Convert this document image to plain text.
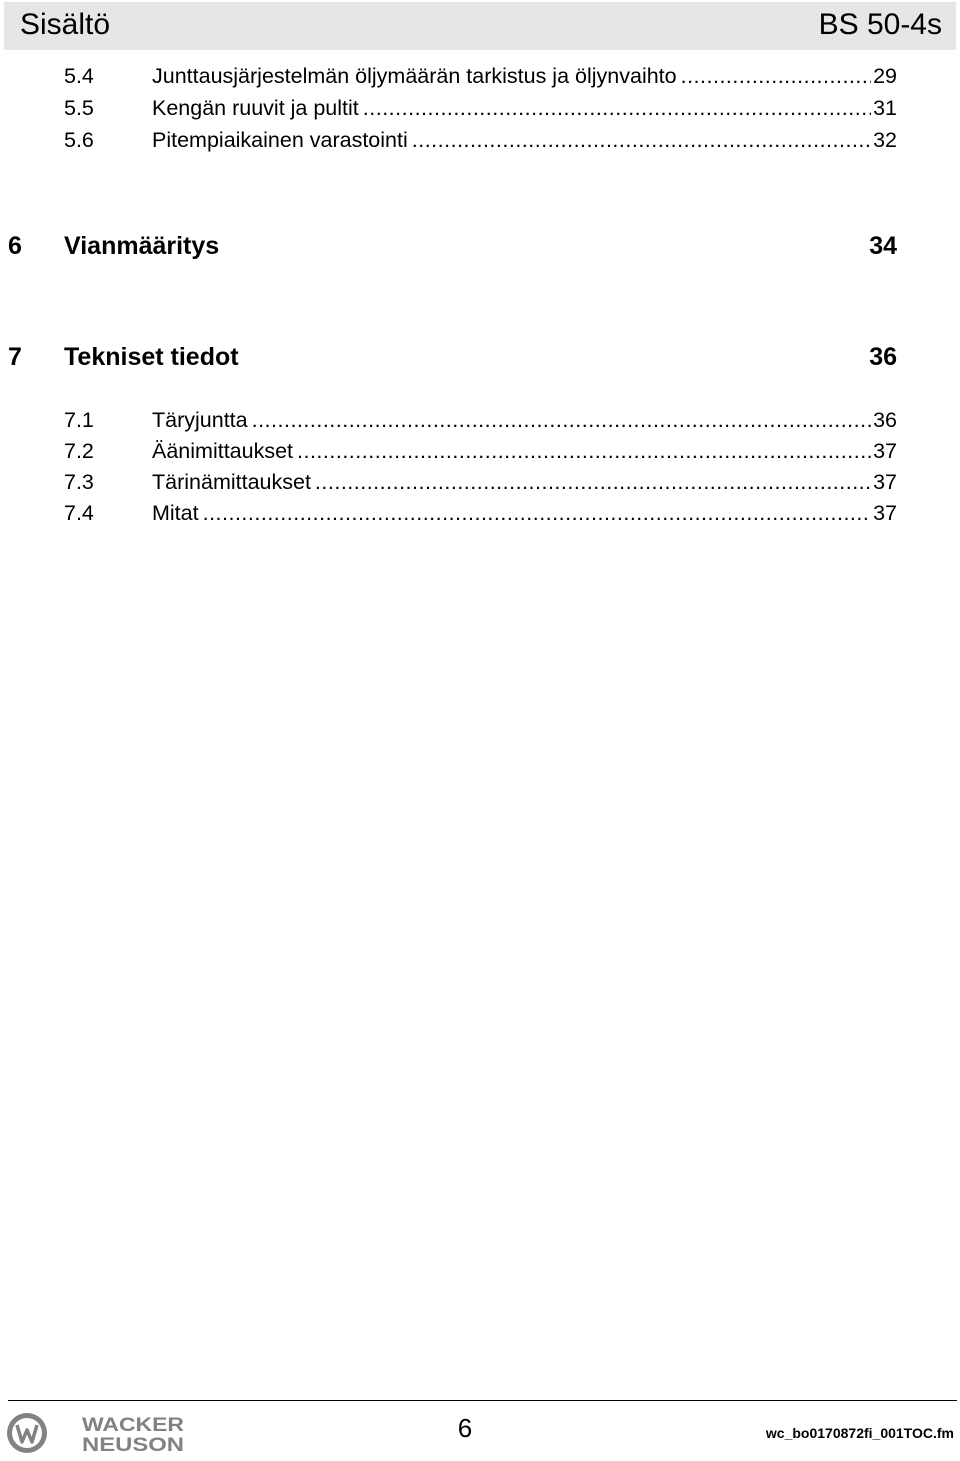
Sisältö	BS 50-4s
5.4	Junttausjärjestelmän öljymäärän tarkistus ja öljynvaihto .....	29
5.5	Kengän ruuvit ja pultit .....	31
5.6	Pitempiaikainen varastointi .....	32
6 Vianmääritys	34
7 Tekniset tiedot	36
7.1	Täryjuntta .....	36
7.2	Äänimittaukset .....	37
7.3	Tärinämittaukset .....	37
7.4	Mitat .....	37
WACKER
NEUSON
6	wc_bo0170872fi_001TOC.fm
